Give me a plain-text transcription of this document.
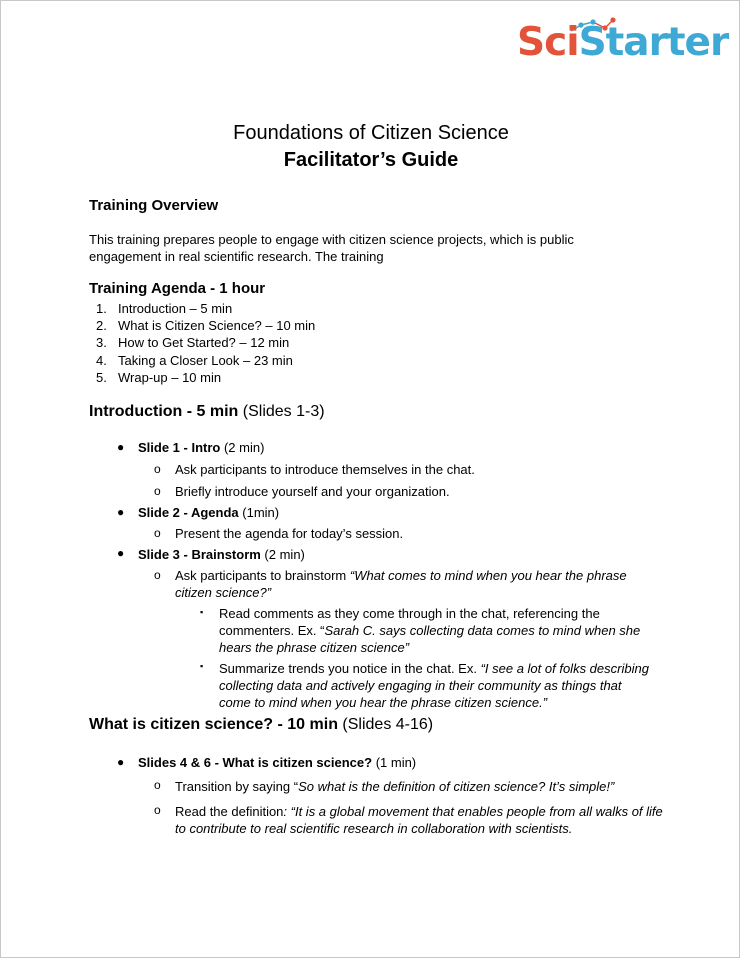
SciStarter
Foundations of Citizen Science
Facilitator’s Guide
Training Overview
This training prepares people to engage with citizen science projects, which is public engagement in real scientific research. The training
Training Agenda - 1 hour
1. Introduction – 5 min
2. What is Citizen Science? – 10 min
3. How to Get Started? – 12 min
4. Taking a Closer Look – 23 min
5. Wrap-up – 10 min
Introduction - 5 min (Slides 1-3)
● Slide 1 - Intro (2 min)
o Ask participants to introduce themselves in the chat.
o Briefly introduce yourself and your organization.
● Slide 2 - Agenda (1min)
o Present the agenda for today’s session.
● Slide 3 - Brainstorm (2 min)
o Ask participants to brainstorm “What comes to mind when you hear the phrase citizen science?”
▪ Read comments as they come through in the chat, referencing the commenters. Ex. “Sarah C. says collecting data comes to mind when she hears the phrase citizen science”
▪ Summarize trends you notice in the chat. Ex. “I see a lot of folks describing collecting data and actively engaging in their community as things that come to mind when you hear the phrase citizen science.”
What is citizen science? - 10 min (Slides 4-16)
● Slides 4 & 6 - What is citizen science? (1 min)
o Transition by saying “So what is the definition of citizen science? It’s simple!”
o Read the definition: “It is a global movement that enables people from all walks of life to contribute to real scientific research in collaboration with scientists.
